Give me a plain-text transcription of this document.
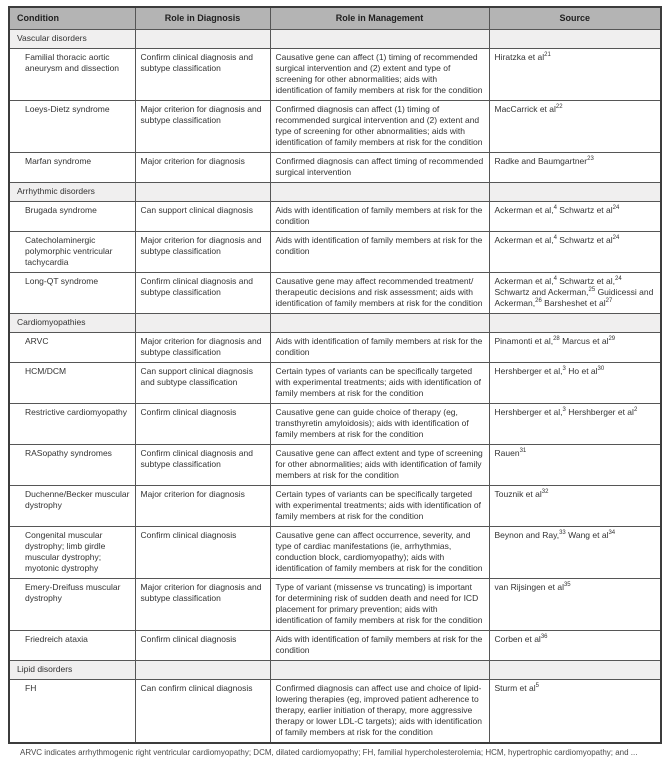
Condition	Role in Diagnosis	Role in Management	Source
Vascular disorders			
Familial thoracic aortic aneurysm and dissection	Confirm clinical diagnosis and subtype classification	Causative gene can affect (1) timing of recommended surgical intervention and (2) extent and type of screening for other abnormalities; aids with identification of family members at risk for the condition	Hiratzka et $al^{21}$
Loeys-Dietz syndrome	Major criterion for diagnosis and subtype classification	Confirmed diagnosis can affect (1) timing of recommended surgical intervention and (2) extent and type of screening for other abnormalities; aids with identification of family members at risk for the condition	MacCarrick et $al^{22}$
Marfan syndrome	Major criterion for diagnosis	Confirmed diagnosis can affect timing of recommended surgical intervention	Radke and Baumgartner$^{23}$
Arrhythmic disorders			
Brugada syndrome	Can support clinical diagnosis	Aids with identification of family members at risk for the condition	Ackerman et al,$^4$ Schwartz et $al^{24}$
Catecholaminergic polymorphic ventricular tachycardia	Major criterion for diagnosis and subtype classification	Aids with identification of family members at risk for the condition	Ackerman et al,$^4$ Schwartz et $al^{24}$
Long-QT syndrome	Confirm clinical diagnosis and subtype classification	Causative gene may affect recommended treatment/ therapeutic decisions and risk assessment; aids with identification of family members at risk for the condition	Ackerman et al,$^4$ Schwartz et al,$^{24}$ Schwartz and Ackerman,$^{25}$ Guidicessi and Ackerman,$^{26}$ Barsheshet et $al^{27}$
Cardiomyopathies			
ARVC	Major criterion for diagnosis and subtype classification	Aids with identification of family members at risk for the condition	Pinamonti et al,$^{28}$ Marcus et $al^{29}$
HCM/DCM	Can support clinical diagnosis and subtype classification	Certain types of variants can be specifically targeted with experimental treatments; aids with identification of family members at risk for the condition	Hershberger et al,$^3$ Ho et $al^{30}$
Restrictive cardiomyopathy	Confirm clinical diagnosis	Causative gene can guide choice of therapy (eg, transthyretin amyloidosis); aids with identification of family members at risk for the condition	Hershberger et al,$^3$ Hershberger et $al^2$
RASopathy syndromes	Confirm clinical diagnosis and subtype classification	Causative gene can affect extent and type of screening for other abnormalities; aids with identification of family members at risk for the condition	Rauen$^{31}$
Duchenne/Becker muscular dystrophy	Major criterion for diagnosis	Certain types of variants can be specifically targeted with experimental treatments; aids with identification of family members at risk for the condition	Touznik et $al^{32}$
Congenital muscular dystrophy; limb girdle muscular dystrophy; myotonic dystrophy	Confirm clinical diagnosis	Causative gene can affect occurrence, severity, and type of cardiac manifestations (ie, arrhythmias, conduction block, cardiomyopathy); aids with identification of family members at risk for the condition	Beynon and Ray,$^{33}$ Wang et $al^{34}$
Emery-Dreifuss muscular dystrophy	Major criterion for diagnosis and subtype classification	Type of variant (missense vs truncating) is important for determining risk of sudden death and need for ICD placement for primary prevention; aids with identification of family members at risk for the condition	van Rijsingen et $al^{35}$
Friedreich ataxia	Confirm clinical diagnosis	Aids with identification of family members at risk for the condition	Corben et $al^{36}$
Lipid disorders			
FH	Can confirm clinical diagnosis	Confirmed diagnosis can affect use and choice of lipid-lowering therapies (eg, improved patient adherence to therapy, earlier initiation of therapy, more aggressive therapy or lower LDL-C targets); aids with identification of family members at risk for the condition	Sturm et $al^5$
ARVC indicates arrhythmogenic right ventricular cardiomyopathy; DCM, dilated cardiomyopathy; FH, familial hypercholesterolemia; HCM, hypertrophic cardiomyopathy; and ...
